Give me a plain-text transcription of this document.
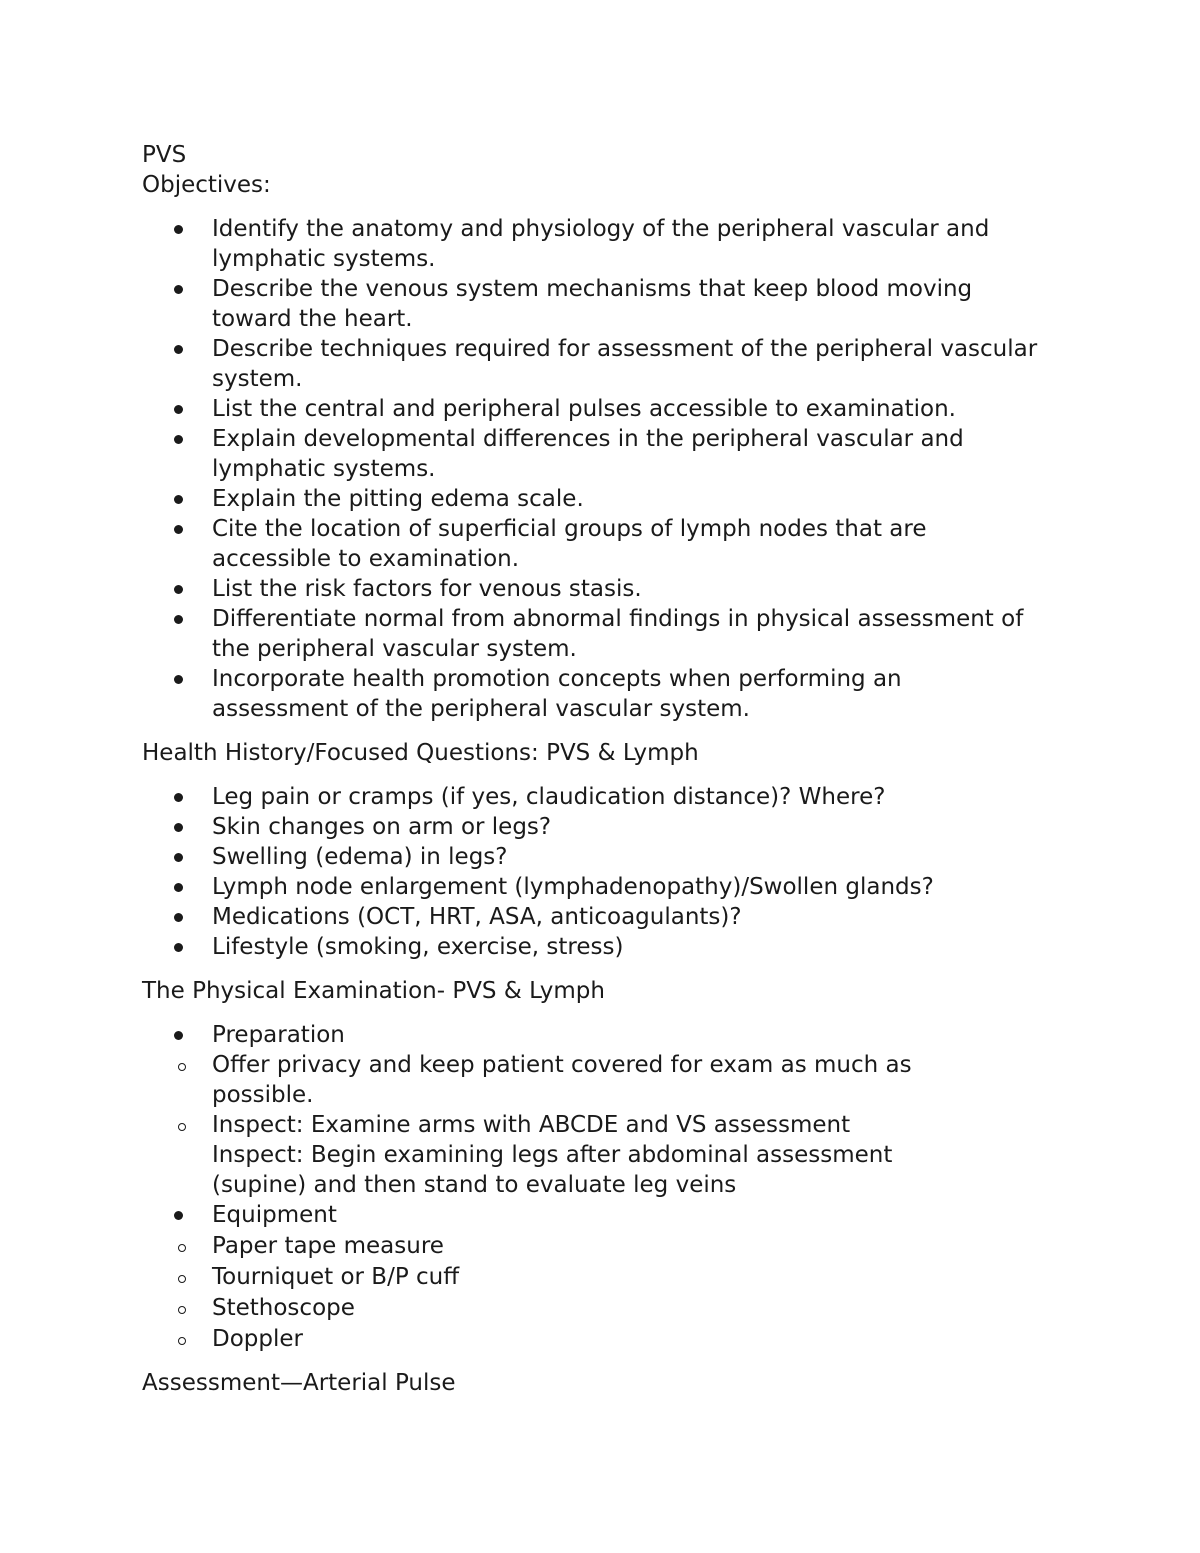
PVS

Objectives:

Identify the anatomy and physiology of the peripheral vascular and
lymphatic systems.
Describe the venous system mechanisms that keep blood moving
toward the heart.
Describe techniques required for assessment of the peripheral vascular
system.
List the central and peripheral pulses accessible to examination.
Explain developmental differences in the peripheral vascular and
lymphatic systems.
Explain the pitting edema scale.
Cite the location of superficial groups of lymph nodes that are
accessible to examination.
List the risk factors for venous stasis.
Differentiate normal from abnormal findings in physical assessment of
the peripheral vascular system.
Incorporate health promotion concepts when performing an
assessment of the peripheral vascular system.

Health History/Focused Questions: PVS & Lymph

Leg pain or cramps (if yes, claudication distance)? Where?
Skin changes on arm or legs?
Swelling (edema) in legs?
Lymph node enlargement (lymphadenopathy)/Swollen glands?
Medications (OCT, HRT, ASA, anticoagulants)?
Lifestyle (smoking, exercise, stress)

The Physical Examination- PVS & Lymph

Preparation
Offer privacy and keep patient covered for exam as much as
possible.
Inspect: Examine arms with ABCDE and VS assessment
Inspect: Begin examining legs after abdominal assessment
(supine) and then stand to evaluate leg veins
Equipment
Paper tape measure
Tourniquet or B/P cuff
Stethoscope
Doppler

Assessment—Arterial Pulse
